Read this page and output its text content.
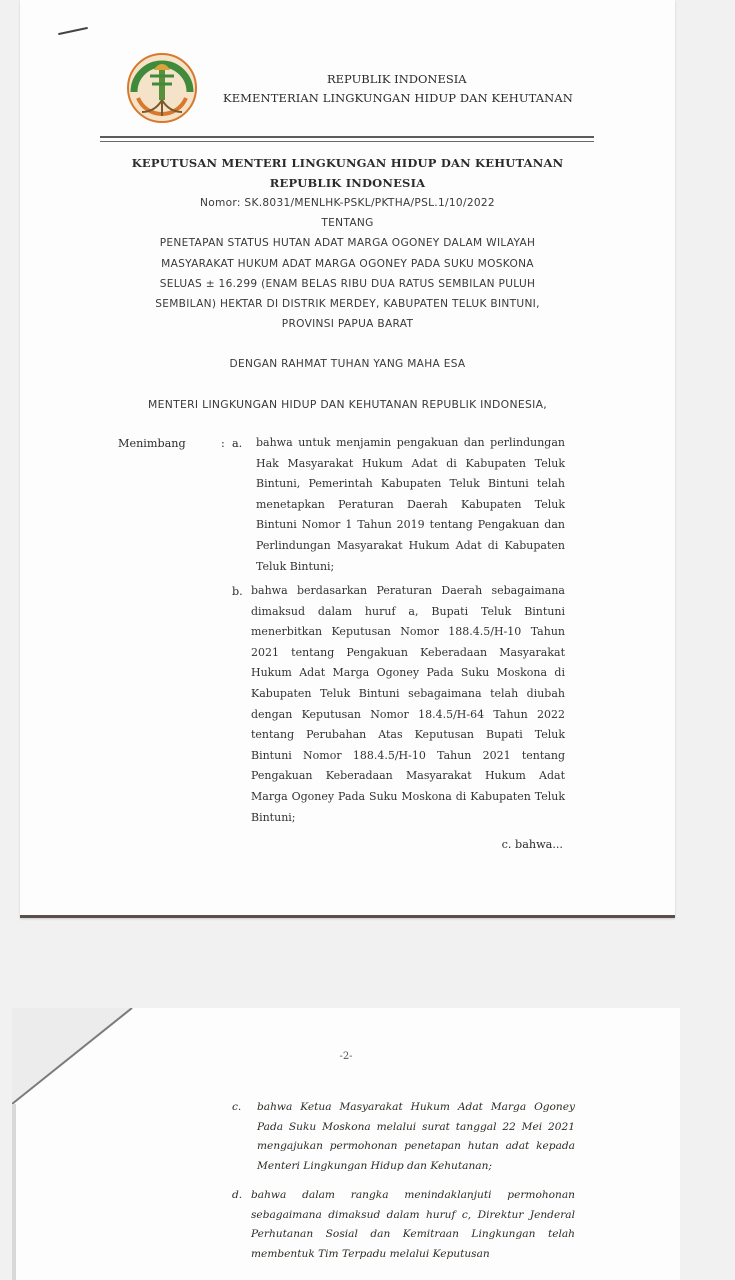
REPUBLIK INDONESIA
KEMENTERIAN LINGKUNGAN HIDUP DAN KEHUTANAN
KEPUTUSAN MENTERI LINGKUNGAN HIDUP DAN KEHUTANAN
REPUBLIK INDONESIA
Nomor: SK.8031/MENLHK-PSKL/PKTHA/PSL.1/10/2022
TENTANG
PENETAPAN STATUS HUTAN ADAT MARGA OGONEY DALAM WILAYAH
MASYARAKAT HUKUM ADAT MARGA OGONEY PADA SUKU MOSKONA
SELUAS ± 16.299 (ENAM BELAS RIBU DUA RATUS SEMBILAN PULUH
SEMBILAN) HEKTAR DI DISTRIK MERDEY, KABUPATEN TELUK BINTUNI,
PROVINSI PAPUA BARAT
DENGAN RAHMAT TUHAN YANG MAHA ESA
MENTERI LINGKUNGAN HIDUP DAN KEHUTANAN REPUBLIK INDONESIA,
Menimbang	: a. bahwa untuk menjamin pengakuan dan perlindungan Hak Masyarakat Hukum Adat di Kabupaten Teluk Bintuni, Pemerintah Kabupaten Teluk Bintuni telah menetapkan Peraturan Daerah Kabupaten Teluk Bintuni Nomor 1 Tahun 2019 tentang Pengakuan dan Perlindungan Masyarakat Hukum Adat di Kabupaten Teluk Bintuni;
b. bahwa berdasarkan Peraturan Daerah sebagaimana dimaksud dalam huruf a, Bupati Teluk Bintuni menerbitkan Keputusan Nomor 188.4.5/H-10 Tahun 2021 tentang Pengakuan Keberadaan Masyarakat Hukum Adat Marga Ogoney Pada Suku Moskona di Kabupaten Teluk Bintuni sebagaimana telah diubah dengan Keputusan Nomor 18.4.5/H-64 Tahun 2022 tentang Perubahan Atas Keputusan Bupati Teluk Bintuni Nomor 188.4.5/H-10 Tahun 2021 tentang Pengakuan Keberadaan Masyarakat Hukum Adat Marga Ogoney Pada Suku Moskona di Kabupaten Teluk Bintuni;
c. bahwa...
-2-
c. bahwa Ketua Masyarakat Hukum Adat Marga Ogoney Pada Suku Moskona melalui surat tanggal 22 Mei 2021 mengajukan permohonan penetapan hutan adat kepada Menteri Lingkungan Hidup dan Kehutanan;
d. bahwa dalam rangka menindaklanjuti permohonan sebagaimana dimaksud dalam huruf c, Direktur Jenderal Perhutanan Sosial dan Kemitraan Lingkungan telah membentuk Tim Terpadu melalui Keputusan
